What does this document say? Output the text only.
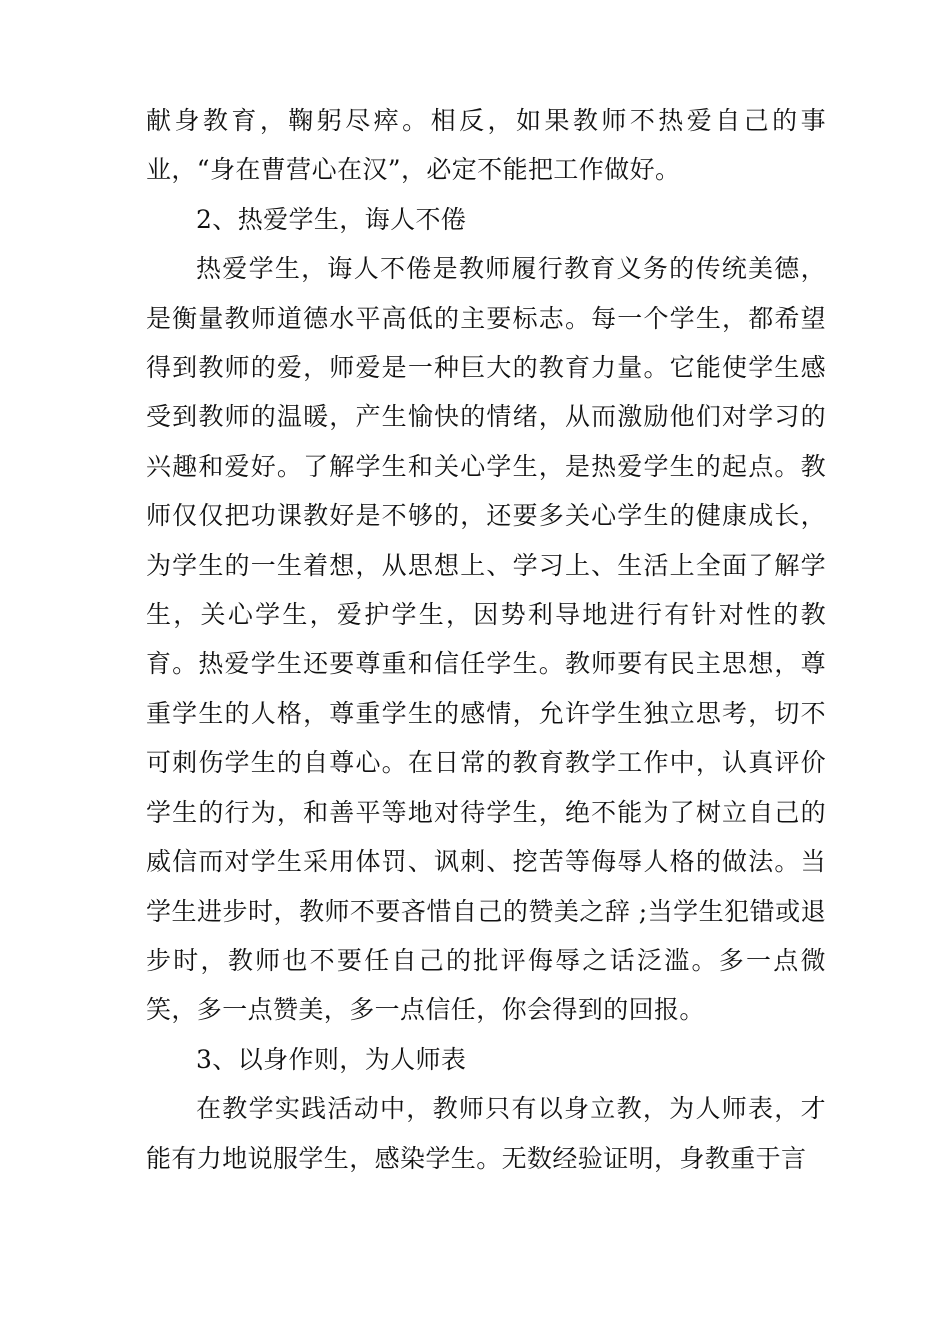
献身教育，鞠躬尽瘁。相反，如果教师不热爱自己的事业，“身在曹营心在汉”，必定不能把工作做好。

2、热爱学生，诲人不倦

热爱学生，诲人不倦是教师履行教育义务的传统美德，是衡量教师道德水平高低的主要标志。每一个学生，都希望得到教师的爱，师爱是一种巨大的教育力量。它能使学生感受到教师的温暖，产生愉快的情绪，从而激励他们对学习的兴趣和爱好。了解学生和关心学生，是热爱学生的起点。教师仅仅把功课教好是不够的，还要多关心学生的健康成长，为学生的一生着想，从思想上、学习上、生活上全面了解学生，关心学生，爱护学生，因势利导地进行有针对性的教育。热爱学生还要尊重和信任学生。教师要有民主思想，尊重学生的人格，尊重学生的感情，允许学生独立思考，切不可刺伤学生的自尊心。在日常的教育教学工作中，认真评价学生的行为，和善平等地对待学生，绝不能为了树立自己的威信而对学生采用体罚、讽刺、挖苦等侮辱人格的做法。当学生进步时，教师不要吝惜自己的赞美之辞 ;当学生犯错或退步时，教师也不要任自己的批评侮辱之话泛滥。多一点微笑，多一点赞美，多一点信任，你会得到的回报。

3、以身作则，为人师表

在教学实践活动中，教师只有以身立教，为人师表，才能有力地说服学生，感染学生。无数经验证明，身教重于言
